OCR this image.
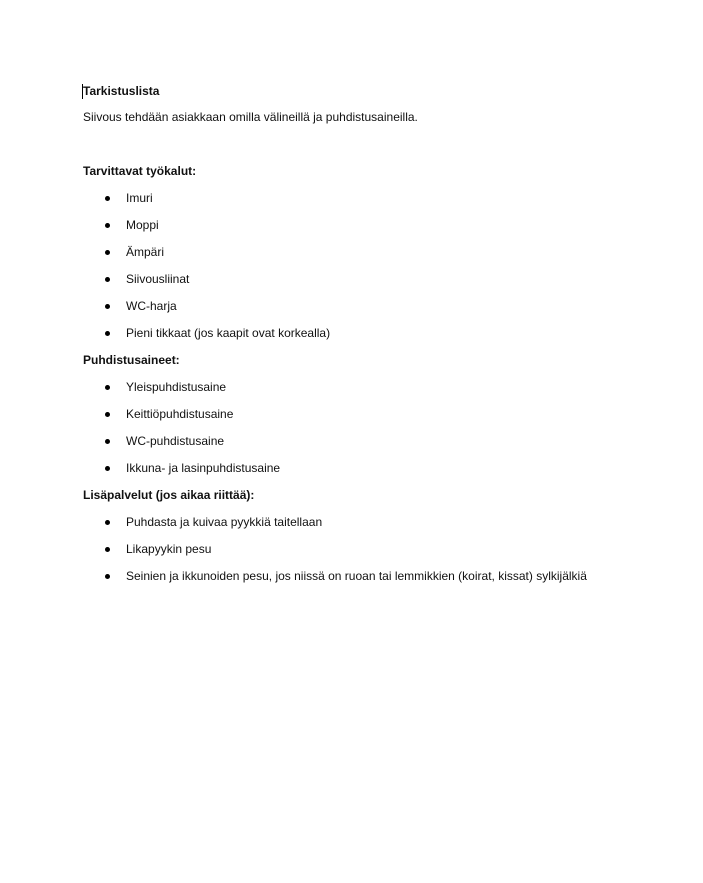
Tarkistuslista

Siivous tehdään asiakkaan omilla välineillä ja puhdistusaineilla.

Tarvittavat työkalut:

Imuri
Moppi
Ämpäri
Siivousliinat
WC-harja
Pieni tikkaat (jos kaapit ovat korkealla)

Puhdistusaineet:

Yleispuhdistusaine
Keittiöpuhdistusaine
WC-puhdistusaine
Ikkuna- ja lasinpuhdistusaine

Lisäpalvelut (jos aikaa riittää):

Puhdasta ja kuivaa pyykkiä taitellaan
Likapyykin pesu
Seinien ja ikkunoiden pesu, jos niissä on ruoan tai lemmikkien (koirat, kissat) sylkijälkiä
